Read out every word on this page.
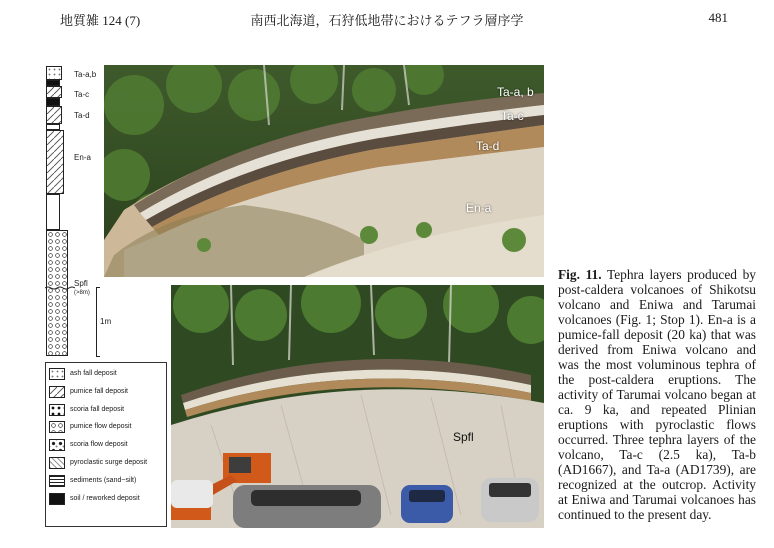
地質雑 124 (7)	南西北海道，石狩低地帯におけるテフラ層序学	481
Ta-a,b
Ta-c
Ta-d
En-a
Spfl
(>8m)
1m
ash fall deposit
pumice fall deposit
scoria fall deposit
pumice flow deposit
scoria flow deposit
pyroclastic surge deposit
sediments (sand~silt)
soil / reworked deposit
Ta-a, b
Ta-c
Ta-d
En-a
Spfl
Fig. 11. Tephra layers produced by post-caldera volcanoes of Shikotsu volcano and Eniwa and Tarumai volcanoes (Fig. 1; Stop 1). En-a is a pumice-fall deposit (20 ka) that was derived from Eniwa volcano and was the most voluminous tephra of the post-caldera eruptions. The activity of Tarumai volcano began at ca. 9 ka, and repeated Plinian eruptions with pyroclastic flows occurred. Three tephra layers of the volcano, Ta-c (2.5 ka), Ta-b (AD1667), and Ta-a (AD1739), are recognized at the outcrop. Activity at Eniwa and Tarumai volcanoes has continued to the present day.
